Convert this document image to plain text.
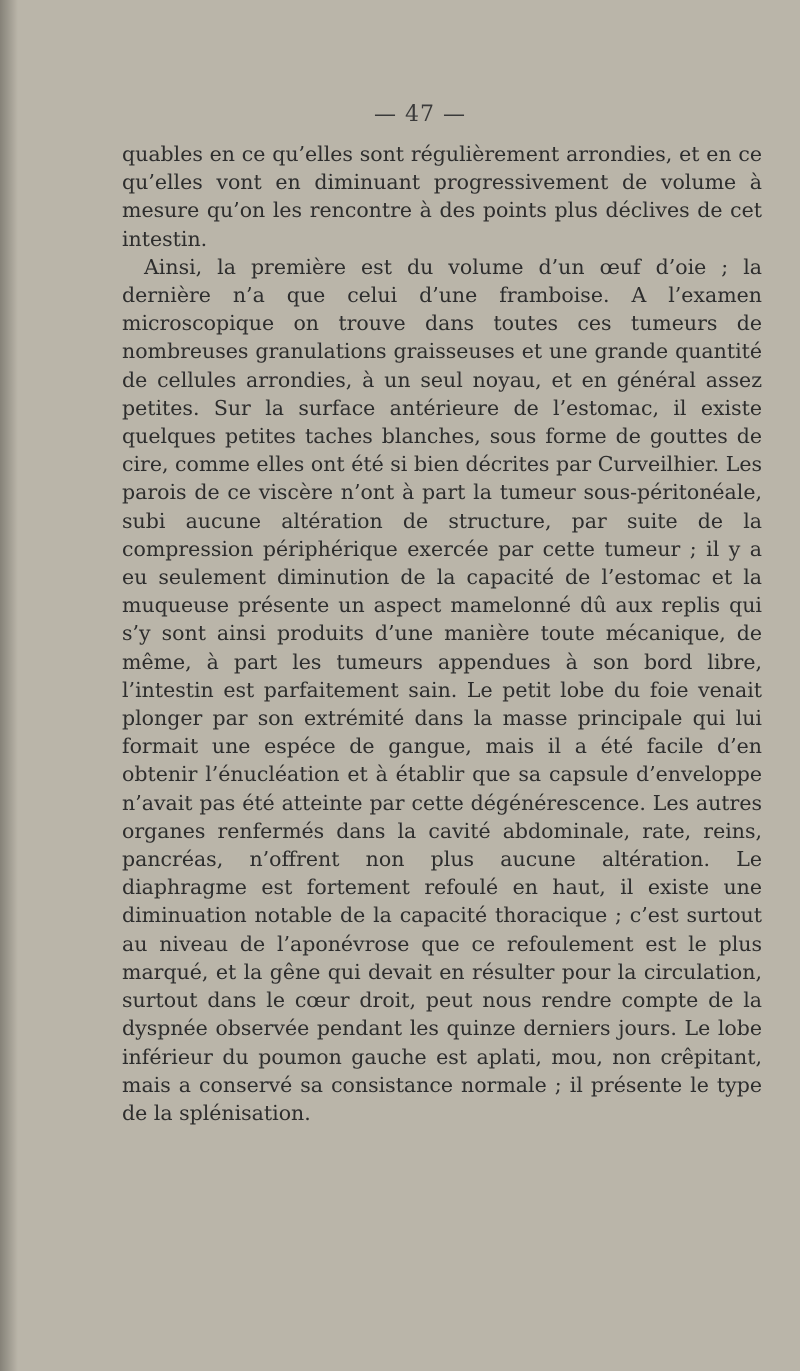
— 47 —

quables en ce qu’elles sont régulièrement arrondies, et en ce qu’elles vont en diminuant progressivement de volume à mesure qu’on les rencontre à des points plus déclives de cet intestin.

Ainsi, la première est du volume d’un œuf d’oie ; la dernière n’a que celui d’une framboise. A l’examen microscopique on trouve dans toutes ces tumeurs de nombreuses granulations graisseuses et une grande quantité de cellules arrondies, à un seul noyau, et en général assez petites. Sur la surface antérieure de l’estomac, il existe quelques petites taches blanches, sous forme de gouttes de cire, comme elles ont été si bien décrites par Curveilhier. Les parois de ce viscère n’ont à part la tumeur sous-péritonéale, subi aucune altération de structure, par suite de la compression périphérique exercée par cette tumeur ; il y a eu seulement diminution de la capacité de l’estomac et la muqueuse présente un aspect mamelonné dû aux replis qui s’y sont ainsi produits d’une manière toute mécanique, de même, à part les tumeurs appendues à son bord libre, l’intestin est parfaitement sain. Le petit lobe du foie venait plonger par son extrémité dans la masse principale qui lui formait une espéce de gangue, mais il a été facile d’en obtenir l’énucléation et à établir que sa capsule d’enveloppe n’avait pas été atteinte par cette dégénérescence. Les autres organes renfermés dans la cavité abdominale, rate, reins, pancréas, n’offrent non plus aucune altération. Le diaphragme est fortement refoulé en haut, il existe une diminuation notable de la capacité thoracique ; c’est surtout au niveau de l’aponévrose que ce refoulement est le plus marqué, et la gêne qui devait en résulter pour la circulation, surtout dans le cœur droit, peut nous rendre compte de la dyspnée observée pendant les quinze derniers jours. Le lobe inférieur du poumon gauche est aplati, mou, non crêpitant, mais a conservé sa consistance normale ; il présente le type de la splénisation.
